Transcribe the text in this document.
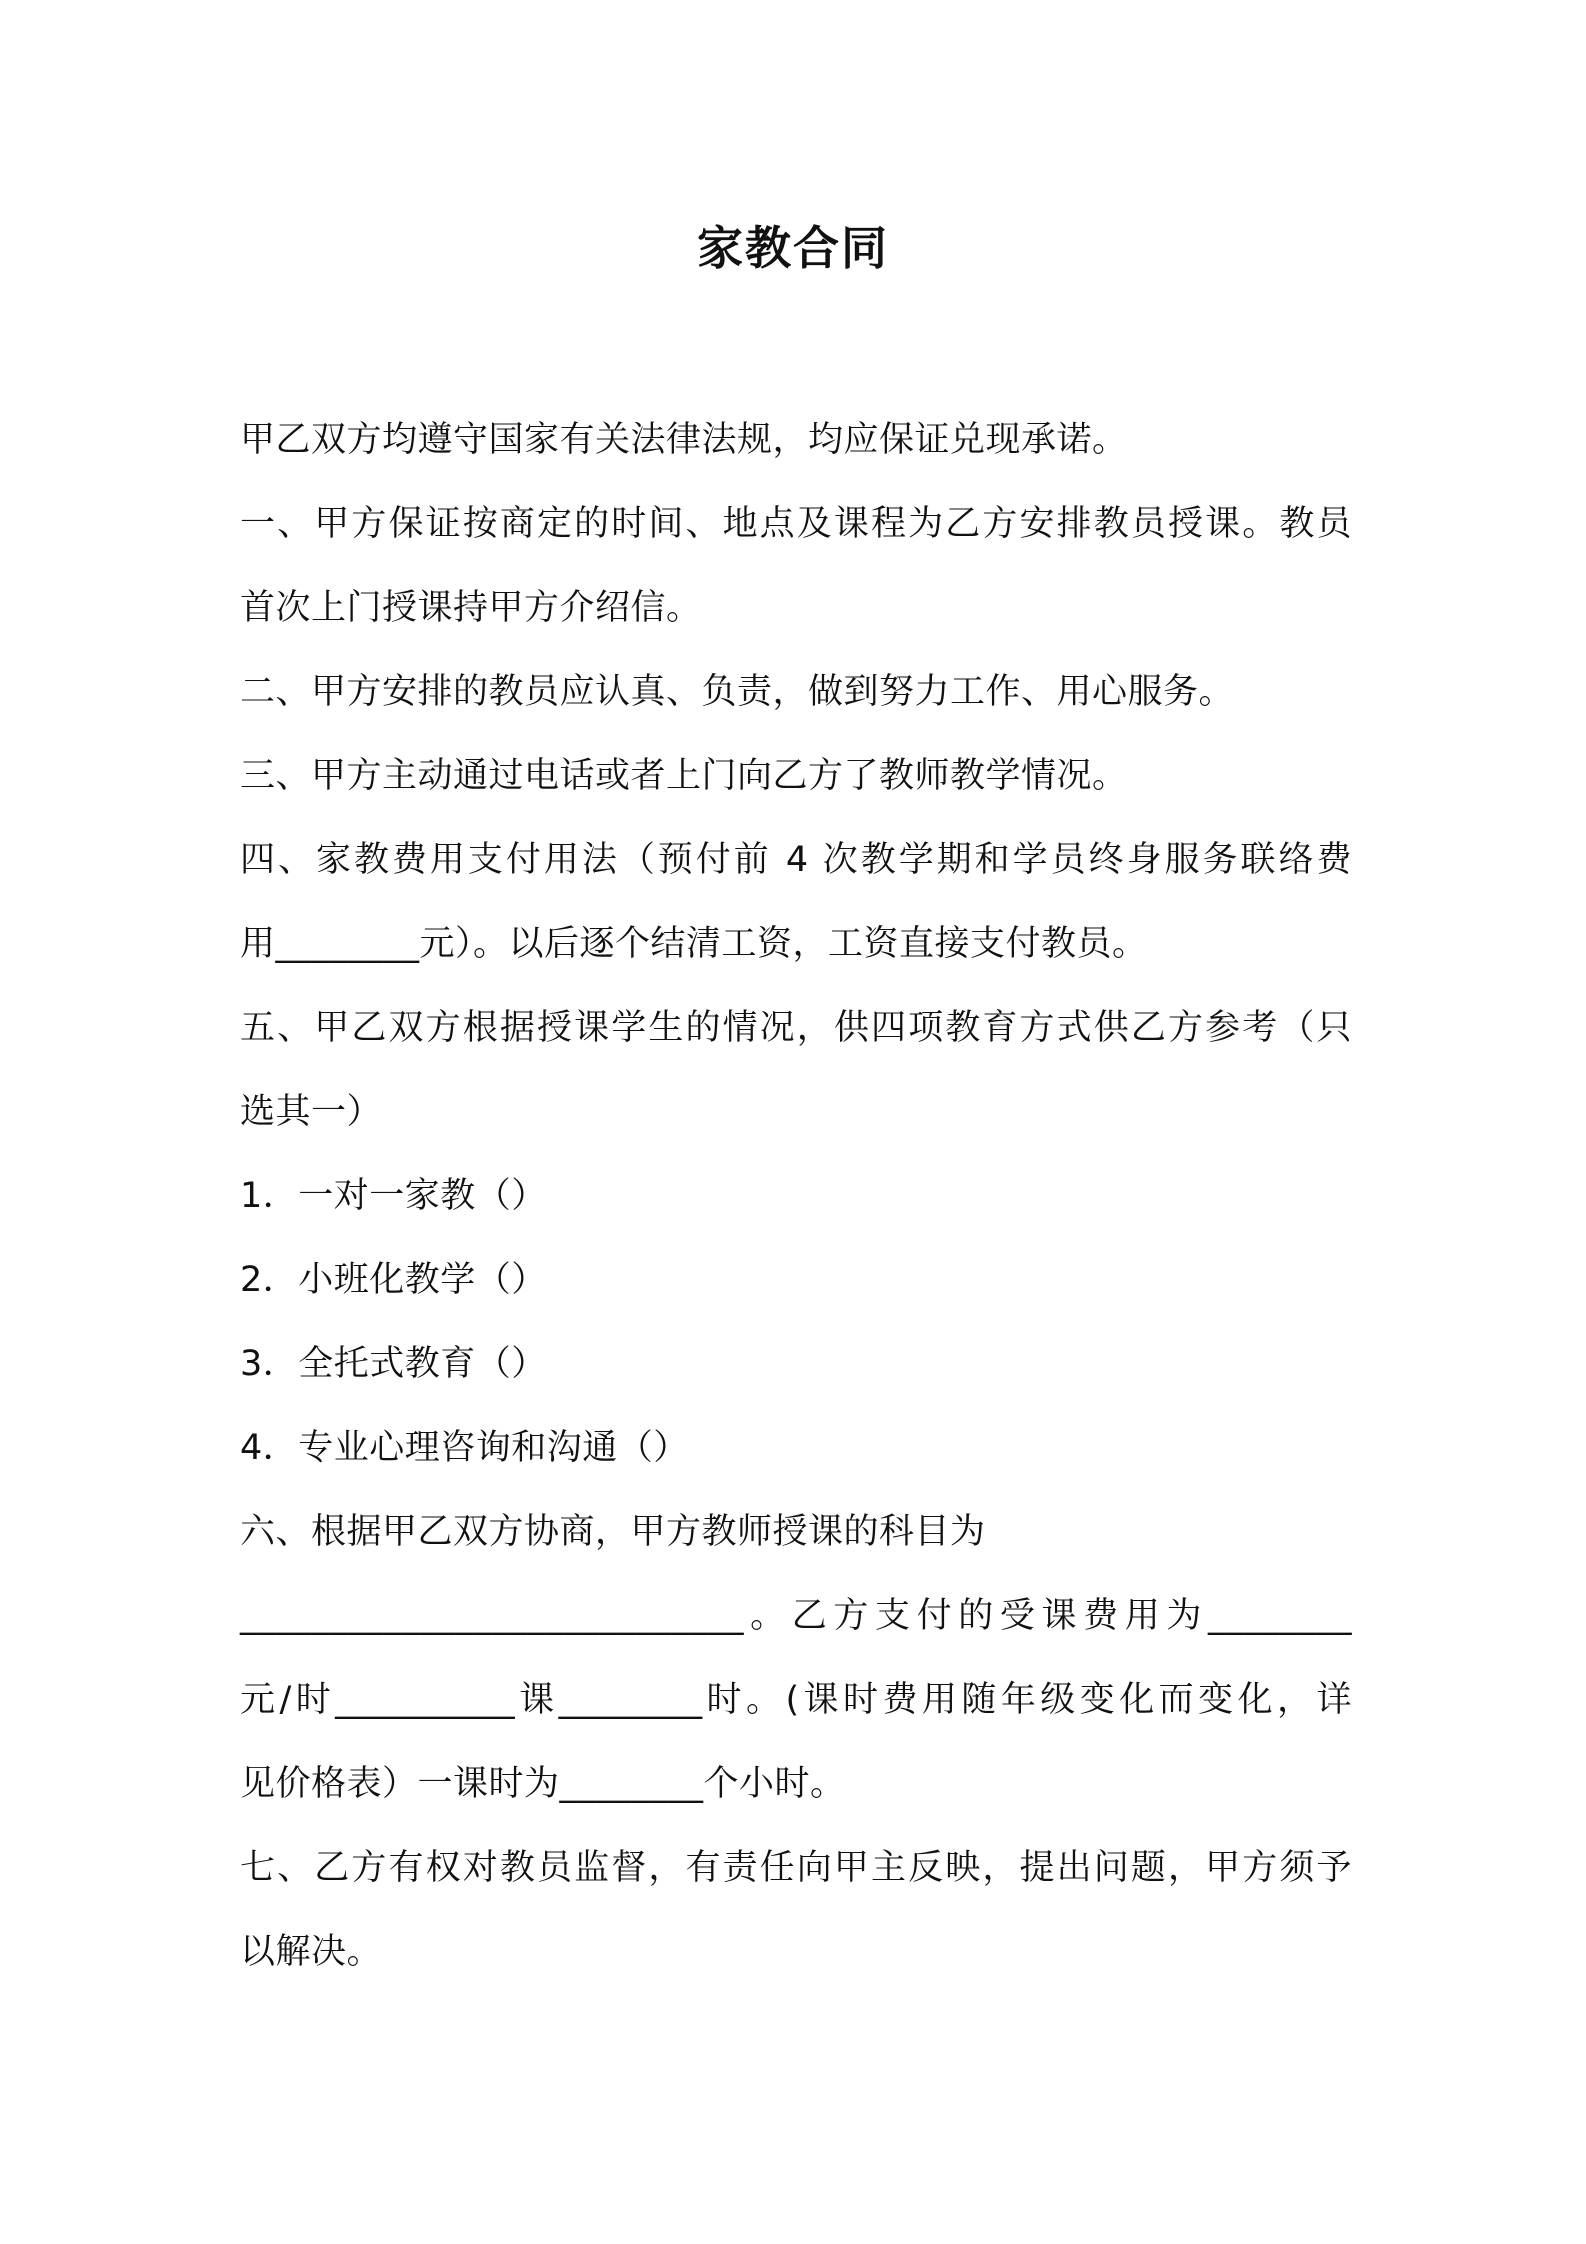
家教合同
甲乙双方均遵守国家有关法律法规，均应保证兑现承诺。
一、甲方保证按商定的时间、地点及课程为乙方安排教员授课。教员
首次上门授课持甲方介绍信。
二、甲方安排的教员应认真、负责，做到努力工作、用心服务。
三、甲方主动通过电话或者上门向乙方了教师教学情况。
四、家教费用支付用法（预付前 4 次教学期和学员终身服务联络费
用________元）。以后逐个结清工资，工资直接支付教员。
五、甲乙双方根据授课学生的情况，供四项教育方式供乙方参考（只
选其一）
1．一对一家教（）
2．小班化教学（）
3．全托式教育（）
4．专业心理咨询和沟通（）
六、根据甲乙双方协商，甲方教师授课的科目为
____________________________。乙方支付的受课费用为________
元/时__________课________时。(课时费用随年级变化而变化，详
见价格表）一课时为________个小时。
七、乙方有权对教员监督，有责任向甲主反映，提出问题，甲方须予
以解决。
